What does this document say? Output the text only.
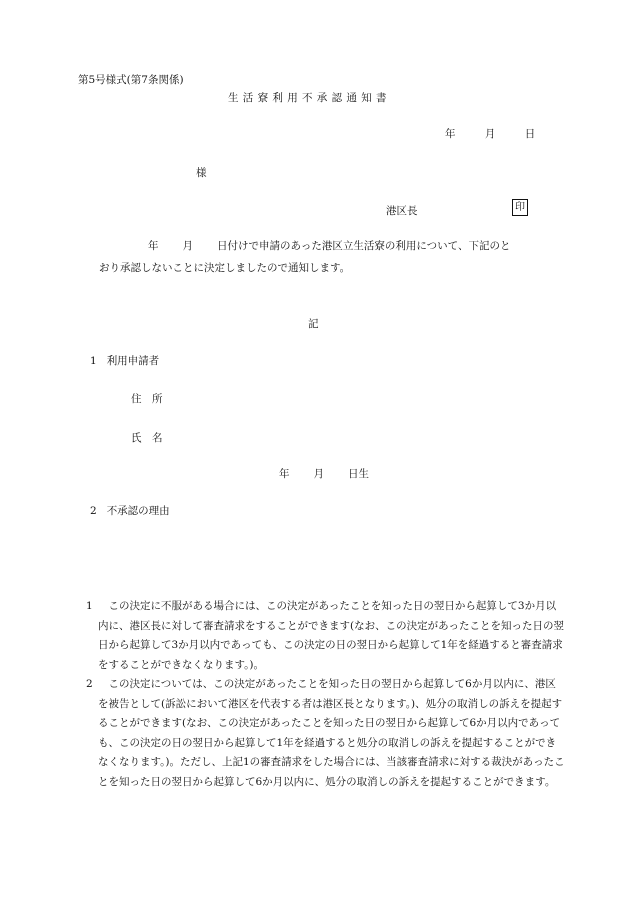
第5号様式(第7条関係)
生活寮利用不承認通知書
年	月	日
様
港区長	印
年 月 日付けで申請のあった港区立生活寮の利用について、下記のと
おり承認しないことに決定しましたので通知します。
記
1 利用申請者
住　所
氏　名
年 月 日生
2 不承認の理由
1	この決定に不服がある場合には、この決定があったことを知った日の翌日から起算して3か月以内に、港区長に対して審査請求をすることができます(なお、この決定があったことを知った日の翌日から起算して3か月以内であっても、この決定の日の翌日から起算して1年を経過すると審査請求をすることができなくなります。)。
2	この決定については、この決定があったことを知った日の翌日から起算して6か月以内に、港区を被告として(訴訟において港区を代表する者は港区長となります。)、処分の取消しの訴えを提起することができます(なお、この決定があったことを知った日の翌日から起算して6か月以内であっても、この決定の日の翌日から起算して1年を経過すると処分の取消しの訴えを提起することができなくなります。)。ただし、上記1の審査請求をした場合には、当該審査請求に対する裁決があったことを知った日の翌日から起算して6か月以内に、処分の取消しの訴えを提起することができます。
